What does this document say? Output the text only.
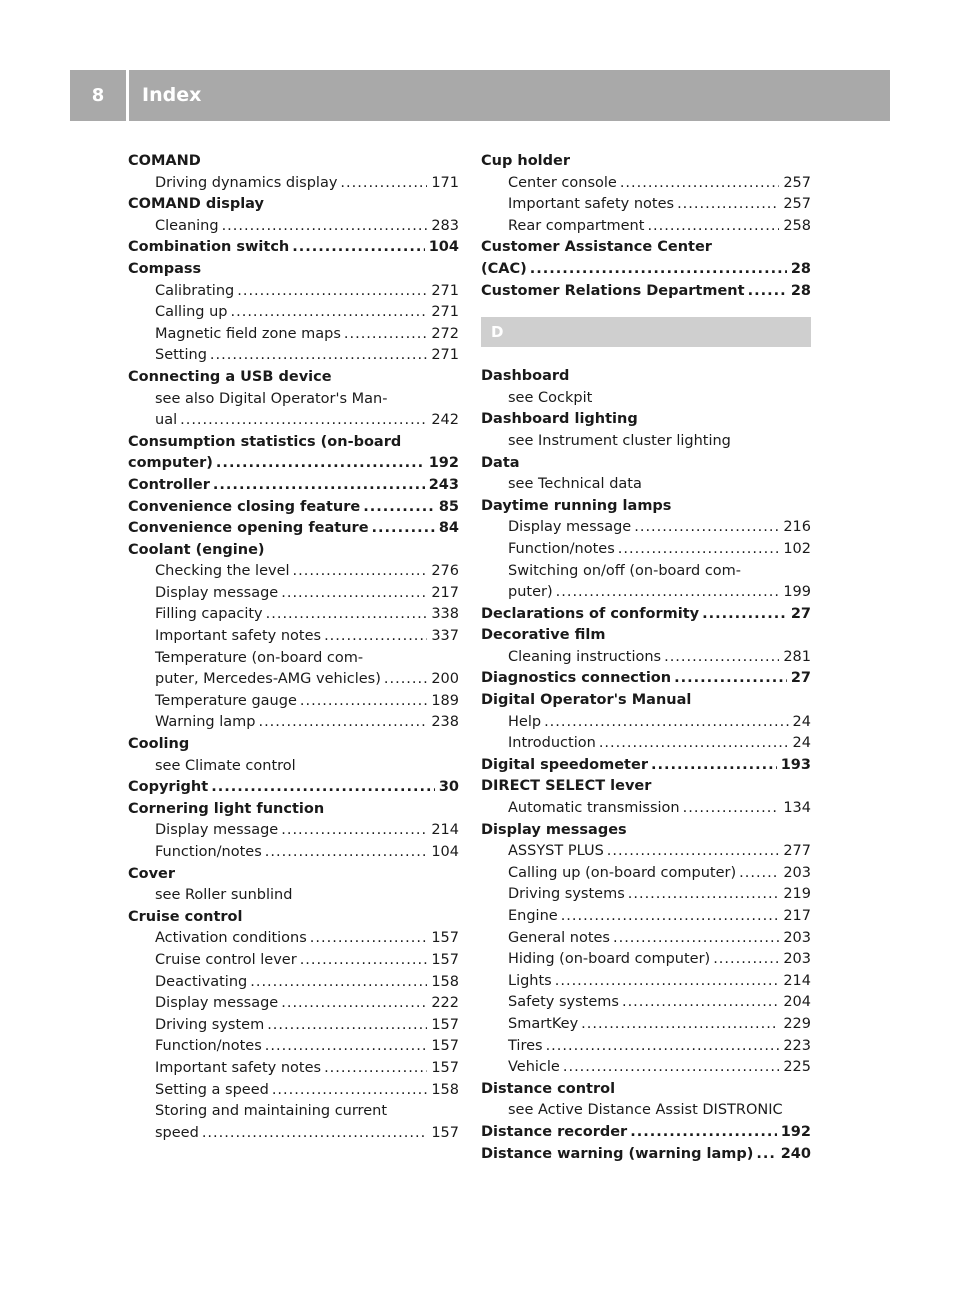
8	Index
COMAND
Driving dynamics display .....	171
COMAND display
Cleaning .....	283
Combination switch .....	104
Compass
Calibrating .....	271
Calling up .....	271
Magnetic field zone maps .....	272
Setting .....	271
Connecting a USB device
see also Digital Operator's Man-
ual .....	242
Consumption statistics (on-board
computer) .....	192
Controller .....	243
Convenience closing feature .....	85
Convenience opening feature .....	84
Coolant (engine)
Checking the level .....	276
Display message .....	217
Filling capacity .....	338
Important safety notes .....	337
Temperature (on-board com-
puter, Mercedes-AMG vehicles) .....	200
Temperature gauge .....	189
Warning lamp .....	238
Cooling
see Climate control
Copyright .....	30
Cornering light function
Display message .....	214
Function/notes .....	104
Cover
see Roller sunblind
Cruise control
Activation conditions .....	157
Cruise control lever .....	157
Deactivating .....	158
Display message .....	222
Driving system .....	157
Function/notes .....	157
Important safety notes .....	157
Setting a speed .....	158
Storing and maintaining current
speed .....	157
Cup holder
Center console .....	257
Important safety notes .....	257
Rear compartment .....	258
Customer Assistance Center
(CAC) .....	28
Customer Relations Department .....	28
D
Dashboard
see Cockpit
Dashboard lighting
see Instrument cluster lighting
Data
see Technical data
Daytime running lamps
Display message .....	216
Function/notes .....	102
Switching on/off (on-board com-
puter) .....	199
Declarations of conformity .....	27
Decorative film
Cleaning instructions .....	281
Diagnostics connection .....	27
Digital Operator's Manual
Help .....	24
Introduction .....	24
Digital speedometer .....	193
DIRECT SELECT lever
Automatic transmission .....	134
Display messages
ASSYST PLUS .....	277
Calling up (on-board computer) .....	203
Driving systems .....	219
Engine .....	217
General notes .....	203
Hiding (on-board computer) .....	203
Lights .....	214
Safety systems .....	204
SmartKey .....	229
Tires .....	223
Vehicle .....	225
Distance control
see Active Distance Assist DISTRONIC
Distance recorder .....	192
Distance warning (warning lamp) ..... 240
